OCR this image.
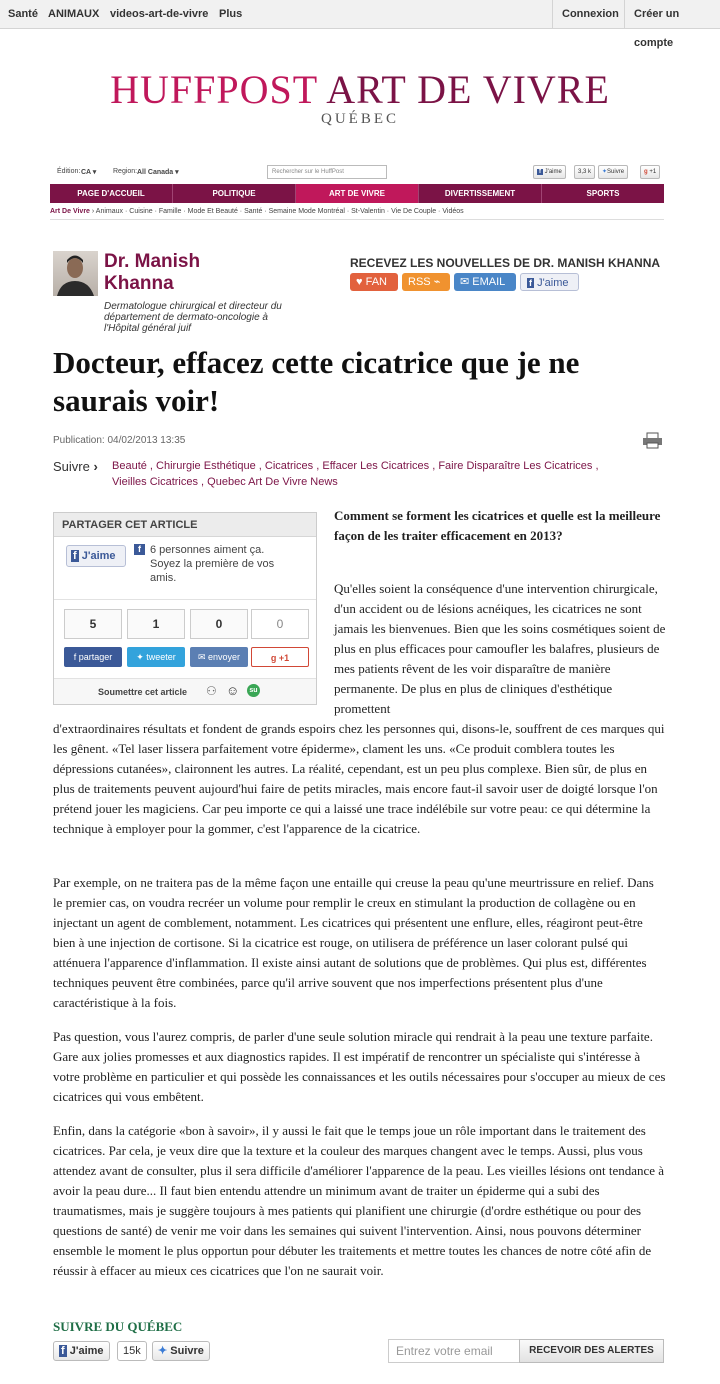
Santé ANIMAUX videos-art-de-vivre Plus	Connexion	Créer un compte
HUFFPOST ART DE VIVRE
QUÉBEC
Édition: CA ▾ Region: All Canada ▾	Rechercher sur le HuffPost	f J'aime	3,3 k	✦Suivre	g +1
PAGE D'ACCUEIL	POLITIQUE	ART DE VIVRE	DIVERTISSEMENT	SPORTS
Art De Vivre › Animaux · Cuisine · Famille · Mode Et Beauté · Santé · Semaine Mode Montréal · St-Valentin · Vie De Couple · Vidéos
Dr. Manish Khanna
Dermatologue chirurgical et directeur du département de dermato-oncologie à l'Hôpital général juif
RECEVEZ LES NOUVELLES DE DR. MANISH KHANNA
♥ FAN	RSS ⌁	✉ EMAIL	f J'aime
Docteur, effacez cette cicatrice que je ne saurais voir!
Publication: 04/02/2013 13:35
Suivre › Beauté , Chirurgie Esthétique , Cicatrices , Effacer Les Cicatrices , Faire Disparaître Les Cicatrices , Vieilles Cicatrices , Quebec Art De Vivre News
PARTAGER CET ARTICLE
f J'aime
f 6 personnes aiment ça. Soyez la première de vos amis.
5	1	0	0
f partager	✦ tweeter	✉ envoyer	g +1
Soumettre cet article ⚇ ☺	su
Comment se forment les cicatrices et quelle est la meilleure façon de les traiter efficacement en 2013?
Qu'elles soient la conséquence d'une intervention chirurgicale, d'un accident ou de lésions acnéiques, les cicatrices ne sont jamais les bienvenues. Bien que les soins cosmétiques soient de plus en plus efficaces pour camoufler les balafres, plusieurs de mes patients rêvent de les voir disparaître de manière permanente. De plus en plus de cliniques d'esthétique promettent
d'extraordinaires résultats et fondent de grands espoirs chez les personnes qui, disons-le, souffrent de ces marques qui les gênent. «Tel laser lissera parfaitement votre épiderme», clament les uns. «Ce produit comblera toutes les dépressions cutanées», claironnent les autres. La réalité, cependant, est un peu plus complexe. Bien sûr, de plus en plus de traitements peuvent aujourd'hui faire de petits miracles, mais encore faut-il savoir user de doigté lorsque l'on prétend jouer les magiciens. Car peu importe ce qui a laissé une trace indélébile sur votre peau: ce qui détermine la technique à employer pour la gommer, c'est l'apparence de la cicatrice.
Par exemple, on ne traitera pas de la même façon une entaille qui creuse la peau qu'une meurtrissure en relief. Dans le premier cas, on voudra recréer un volume pour remplir le creux en stimulant la production de collagène ou en injectant un agent de comblement, notamment. Les cicatrices qui présentent une enflure, elles, réagiront peut-être bien à une injection de cortisone. Si la cicatrice est rouge, on utilisera de préférence un laser colorant pulsé qui atténuera l'apparence d'inflammation. Il existe ainsi autant de solutions que de problèmes. Qui plus est, différentes techniques peuvent être combinées, parce qu'il arrive souvent que nos imperfections présentent plus d'une caractéristique à la fois.
Pas question, vous l'aurez compris, de parler d'une seule solution miracle qui rendrait à la peau une texture parfaite. Gare aux jolies promesses et aux diagnostics rapides. Il est impératif de rencontrer un spécialiste qui s'intéresse à votre problème en particulier et qui possède les connaissances et les outils nécessaires pour s'occuper au mieux de ces cicatrices qui vous embêtent.
Enfin, dans la catégorie «bon à savoir», il y aussi le fait que le temps joue un rôle important dans le traitement des cicatrices. Par cela, je veux dire que la texture et la couleur des marques changent avec le temps. Aussi, plus vous attendez avant de consulter, plus il sera difficile d'améliorer l'apparence de la peau. Les vieilles lésions ont tendance à avoir la peau dure... Il faut bien entendu attendre un minimum avant de traiter un épiderme qui a subi des traumatismes, mais je suggère toujours à mes patients qui planifient une chirurgie (d'ordre esthétique ou pour des questions de santé) de venir me voir dans les semaines qui suivent l'intervention. Ainsi, nous pouvons déterminer ensemble le moment le plus opportun pour débuter les traitements et mettre toutes les chances de notre côté afin de réussir à effacer au mieux ces cicatrices que l'on ne saurait voir.
SUIVRE DU QUÉBEC
f J'aime	15k	✦ Suivre	Entrez votre email	RECEVOIR DES ALERTES
